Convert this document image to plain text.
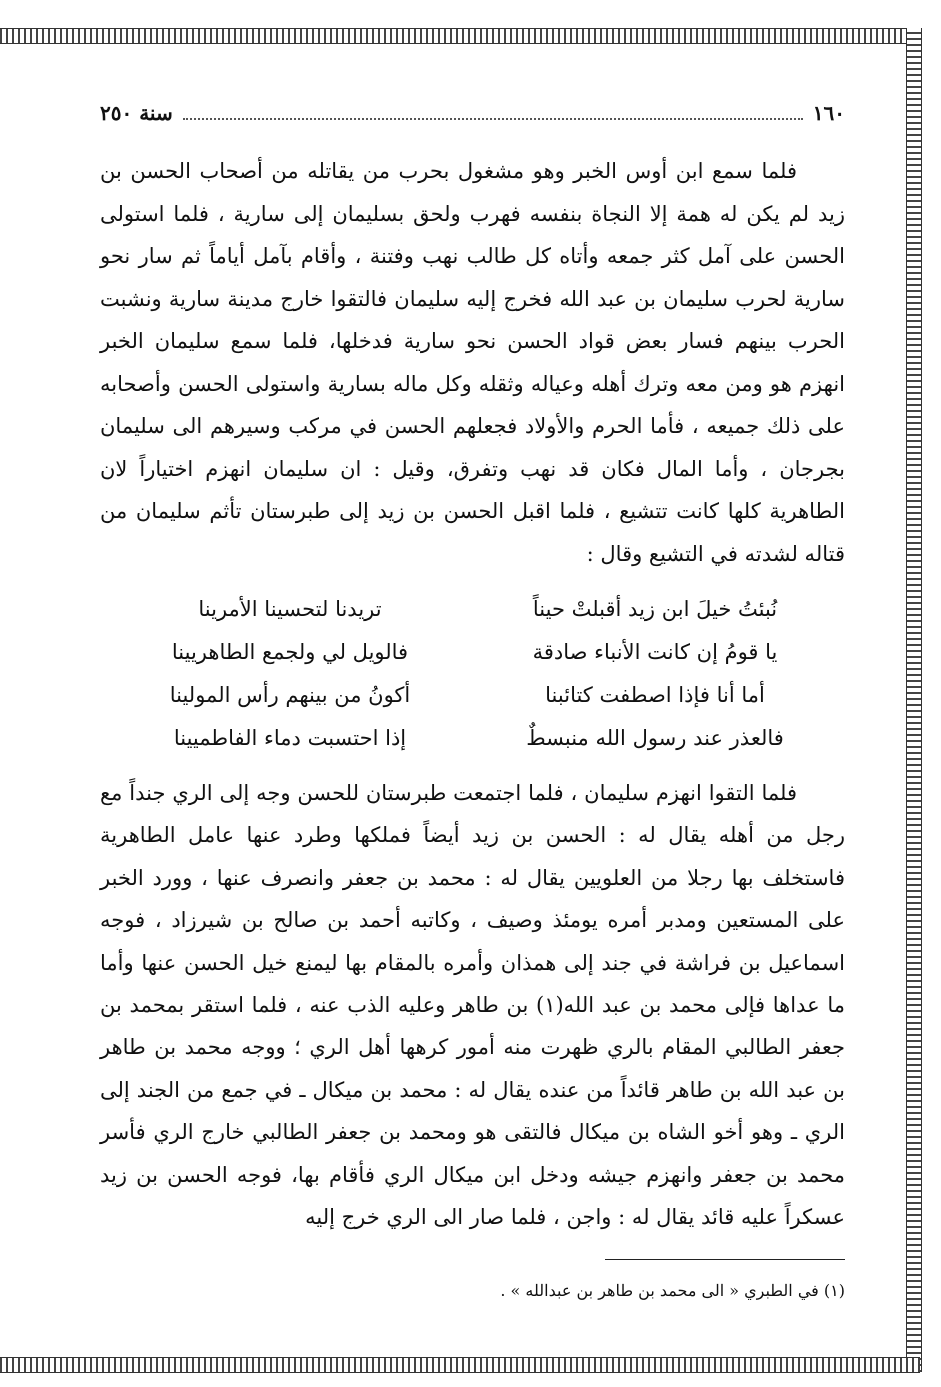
١٦٠
سنة ٢٥٠

فلما سمع ابن أوس الخبر وهو مشغول بحرب من يقاتله من أصحاب الحسن بن زيد لم يكن له همة إلا النجاة بنفسه فهرب ولحق بسليمان إلى سارية ، فلما استولى الحسن على آمل كثر جمعه وأتاه كل طالب نهب وفتنة ، وأقام بآمل أياماً ثم سار نحو سارية لحرب سليمان بن عبد الله فخرج إليه سليمان فالتقوا خارج مدينة سارية ونشبت الحرب بينهم فسار بعض قواد الحسن نحو سارية فدخلها، فلما سمع سليمان الخبر انهزم هو ومن معه وترك أهله وعياله وثقله وكل ماله بسارية واستولى الحسن وأصحابه على ذلك جميعه ، فأما الحرم والأولاد فجعلهم الحسن في مركب وسيرهم الى سليمان بجرجان ، وأما المال فكان قد نهب وتفرق، وقيل : ان سليمان انهزم اختياراً لان الطاهرية كلها كانت تتشيع ، فلما اقبل الحسن بن زيد إلى طبرستان تأثم سليمان من قتاله لشدته في التشيع وقال :

نُبئتُ خيلَ ابن زيد أقبلتْ حيناً
تريدنا لتحسينا الأمرينا
يا قومُ إن كانت الأنباء صادقة
فالويل لي ولجمع الطاهريينا
أما أنا فإذا اصطفت كتائبنا
أكونُ من بينهم رأس المولينا
فالعذر عند رسول الله منبسطٌ
إذا احتسبت دماء الفاطميينا

فلما التقوا انهزم سليمان ، فلما اجتمعت طبرستان للحسن وجه إلى الري جنداً مع رجل من أهله يقال له : الحسن بن زيد أيضاً فملكها وطرد عنها عامل الطاهرية فاستخلف بها رجلا من العلويين يقال له : محمد بن جعفر وانصرف عنها ، وورد الخبر على المستعين ومدبر أمره يومئذ وصيف ، وكاتبه أحمد بن صالح بن شيرزاد ، فوجه اسماعيل بن فراشة في جند إلى همذان وأمره بالمقام بها ليمنع خيل الحسن عنها وأما ما عداها فإلى محمد بن عبد الله(١) بن طاهر وعليه الذب عنه ، فلما استقر بمحمد بن جعفر الطالبي المقام بالري ظهرت منه أمور كرهها أهل الري ؛ ووجه محمد بن طاهر بن عبد الله بن طاهر قائداً من عنده يقال له : محمد بن ميكال ـ في جمع من الجند إلى الري ـ وهو أخو الشاه بن ميكال فالتقى هو ومحمد بن جعفر الطالبي خارج الري فأسر محمد بن جعفر وانهزم جيشه ودخل ابن ميكال الري فأقام بها، فوجه الحسن بن زيد عسكراً عليه قائد يقال له : واجن ، فلما صار الى الري خرج إليه

(١) في الطبري « الى محمد بن طاهر بن عبدالله » .
